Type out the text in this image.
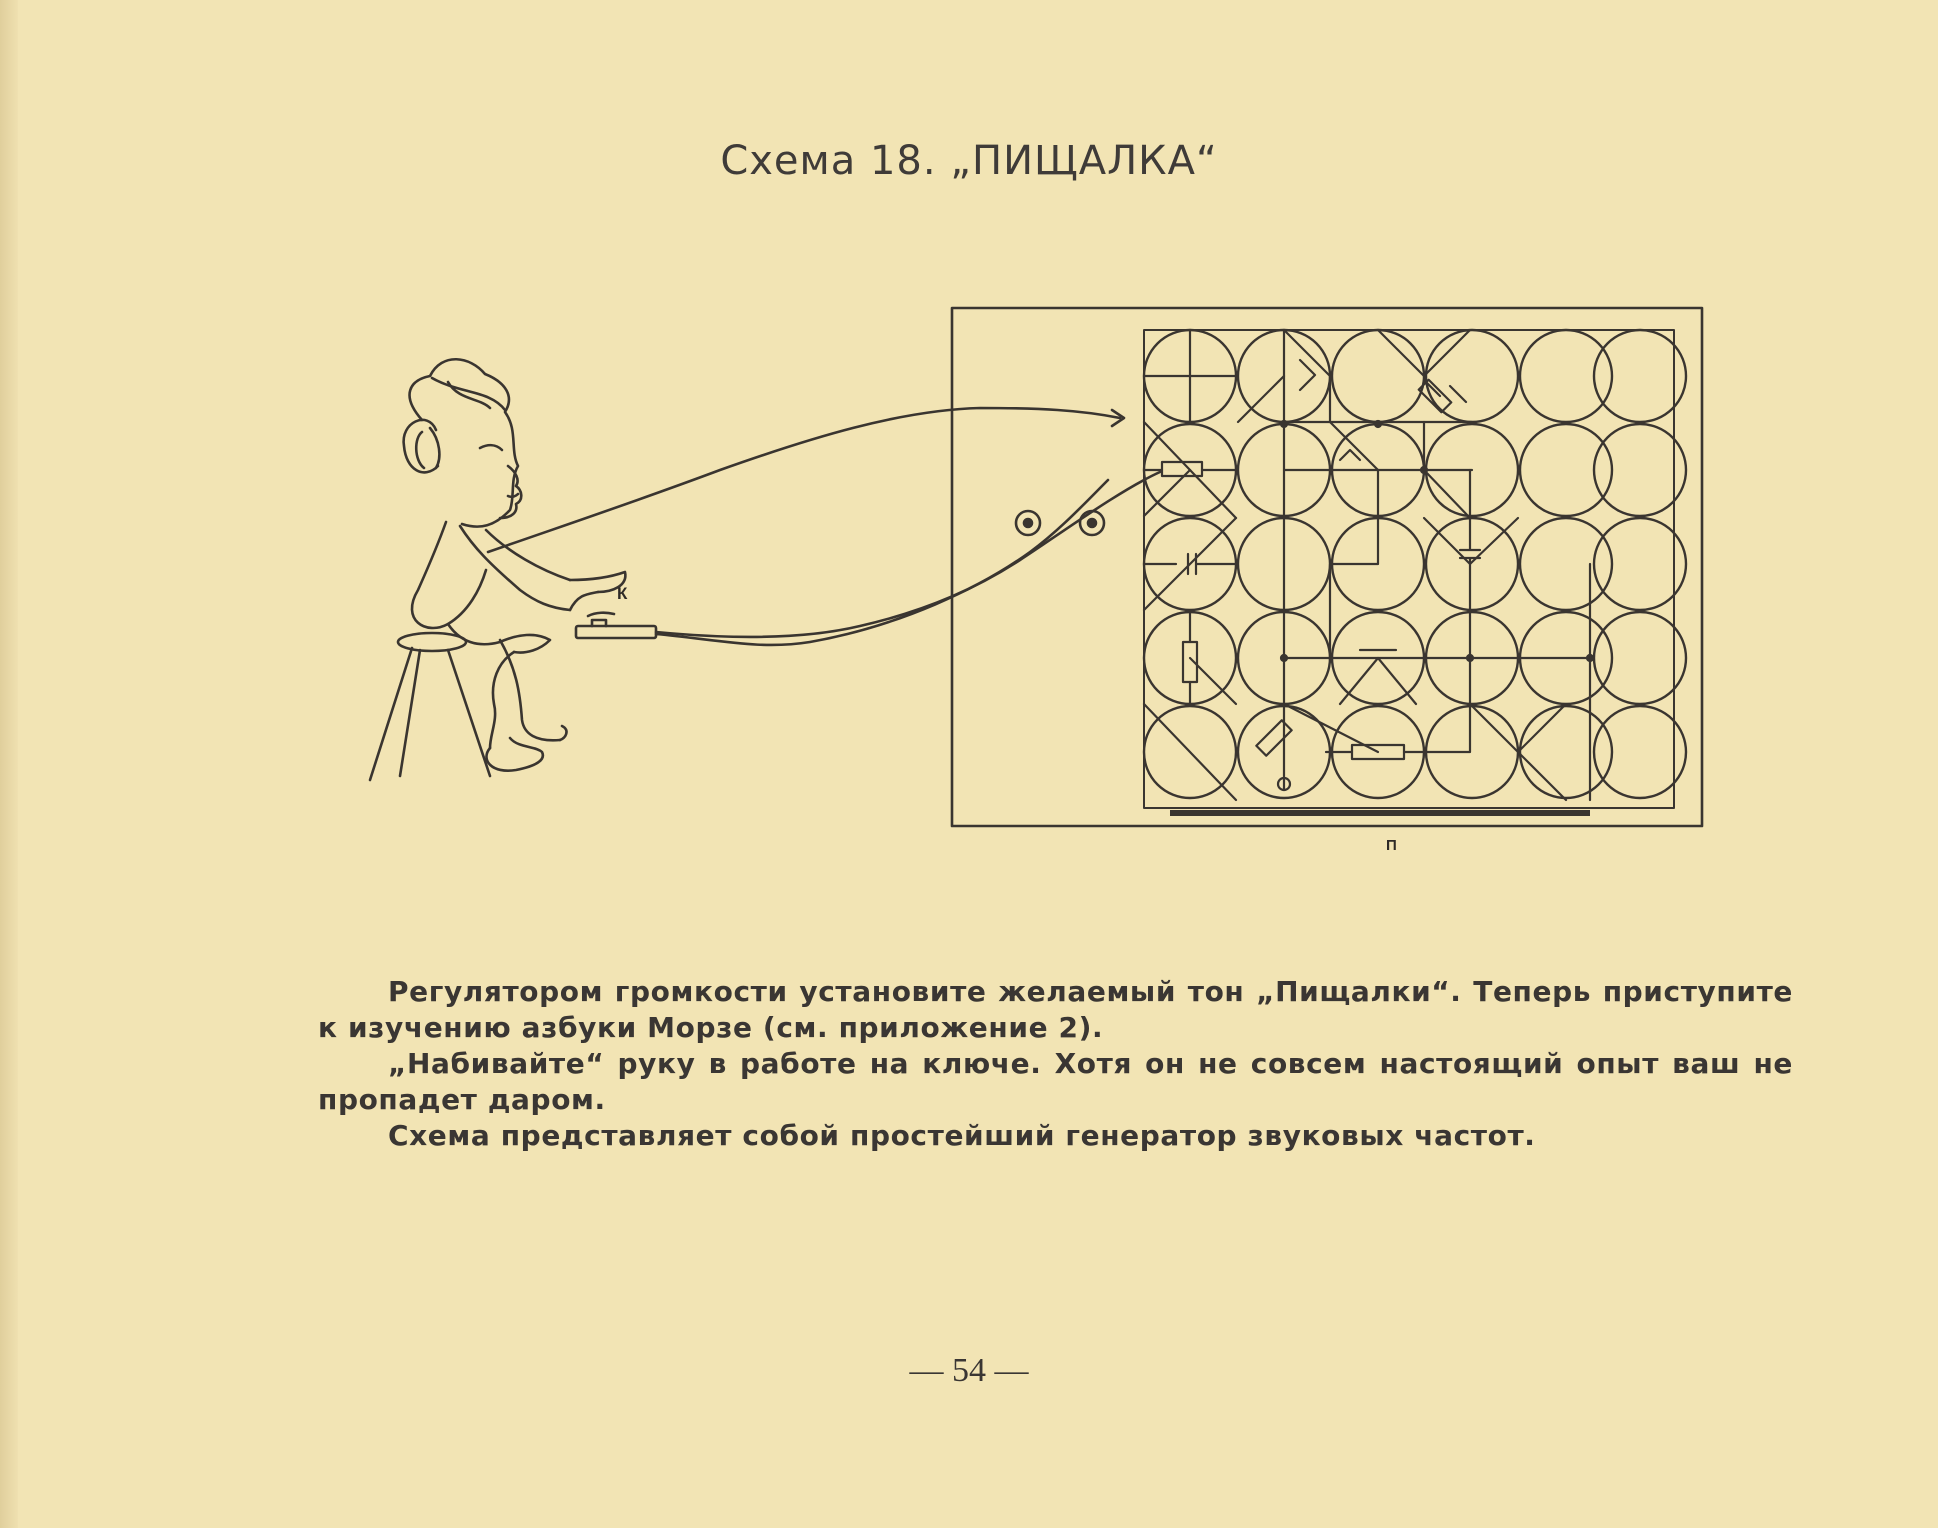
Схема 18. „ПИЩАЛКА“
К
П

Регулятором громкости установите желаемый тон „Пищалки“. Теперь приступите к изучению азбуки Морзе (см. приложение 2).

„Набивайте“ руку в работе на ключе. Хотя он не совсем настоящий опыт ваш не пропадет даром.

Схема представляет собой простейший генератор звуковых частот.

— 54 —
